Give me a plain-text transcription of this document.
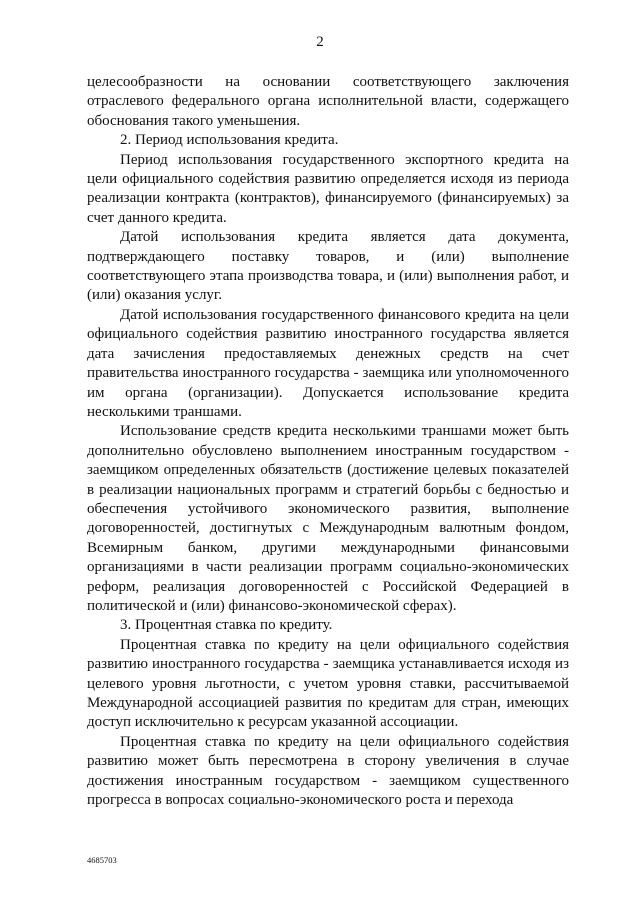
2

целесообразности на основании соответствующего заключения отраслевого федерального органа исполнительной власти, содержащего обоснования такого уменьшения.

2. Период использования кредита.

Период использования государственного экспортного кредита на цели официального содействия развитию определяется исходя из периода реализации контракта (контрактов), финансируемого (финансируемых) за счет данного кредита.

Датой использования кредита является дата документа, подтверждающего поставку товаров, и (или) выполнение соответствующего этапа производства товара, и (или) выполнения работ, и (или) оказания услуг.

Датой использования государственного финансового кредита на цели официального содействия развитию иностранного государства является дата зачисления предоставляемых денежных средств на счет правительства иностранного государства - заемщика или уполномоченного им органа (организации). Допускается использование кредита несколькими траншами.

Использование средств кредита несколькими траншами может быть дополнительно обусловлено выполнением иностранным государством - заемщиком определенных обязательств (достижение целевых показателей в реализации национальных программ и стратегий борьбы с бедностью и обеспечения устойчивого экономического развития, выполнение договоренностей, достигнутых с Международным валютным фондом, Всемирным банком, другими международными финансовыми организациями в части реализации программ социально-экономических реформ, реализация договоренностей с Российской Федерацией в политической и (или) финансово-экономической сферах).

3. Процентная ставка по кредиту.

Процентная ставка по кредиту на цели официального содействия развитию иностранного государства - заемщика устанавливается исходя из целевого уровня льготности, с учетом уровня ставки, рассчитываемой Международной ассоциацией развития по кредитам для стран, имеющих доступ исключительно к ресурсам указанной ассоциации.

Процентная ставка по кредиту на цели официального содействия развитию может быть пересмотрена в сторону увеличения в случае достижения иностранным государством - заемщиком существенного прогресса в вопросах социально-экономического роста и перехода

4685703
